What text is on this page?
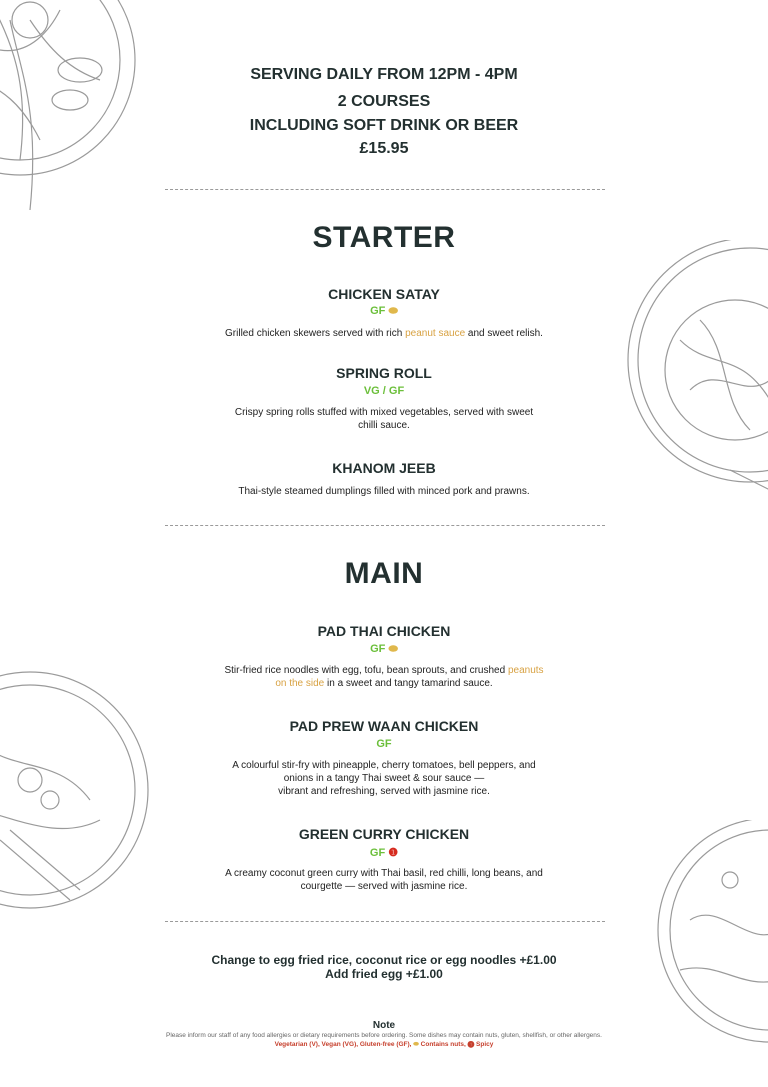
SERVING DAILY FROM 12PM - 4PM
2 COURSES
INCLUDING SOFT DRINK OR BEER
£15.95
STARTER
CHICKEN SATAY
GF ⬬
Grilled chicken skewers served with rich peanut sauce and sweet relish.
SPRING ROLL
VG / GF
Crispy spring rolls stuffed with mixed vegetables, served with sweet
chilli sauce.
KHANOM JEEB
Thai-style steamed dumplings filled with minced pork and prawns.
MAIN
PAD THAI CHICKEN
GF ⬬
Stir-fried rice noodles with egg, tofu, bean sprouts, and crushed peanuts
on the side in a sweet and tangy tamarind sauce.
PAD PREW WAAN CHICKEN
GF
A colourful stir-fry with pineapple, cherry tomatoes, bell peppers, and
onions in a tangy Thai sweet & sour sauce —
vibrant and refreshing, served with jasmine rice.
GREEN CURRY CHICKEN
GF ❶
A creamy coconut green curry with Thai basil, red chilli, long beans, and
courgette — served with jasmine rice.
Change to egg fried rice, coconut rice or egg noodles +£1.00
Add fried egg +£1.00
Note
Please inform our staff of any food allergies or dietary requirements before ordering. Some dishes may contain nuts, gluten, shellfish, or other allergens.
Vegetarian (V), Vegan (VG), Gluten-free (GF), ⬬ Contains nuts, ❶ Spicy
